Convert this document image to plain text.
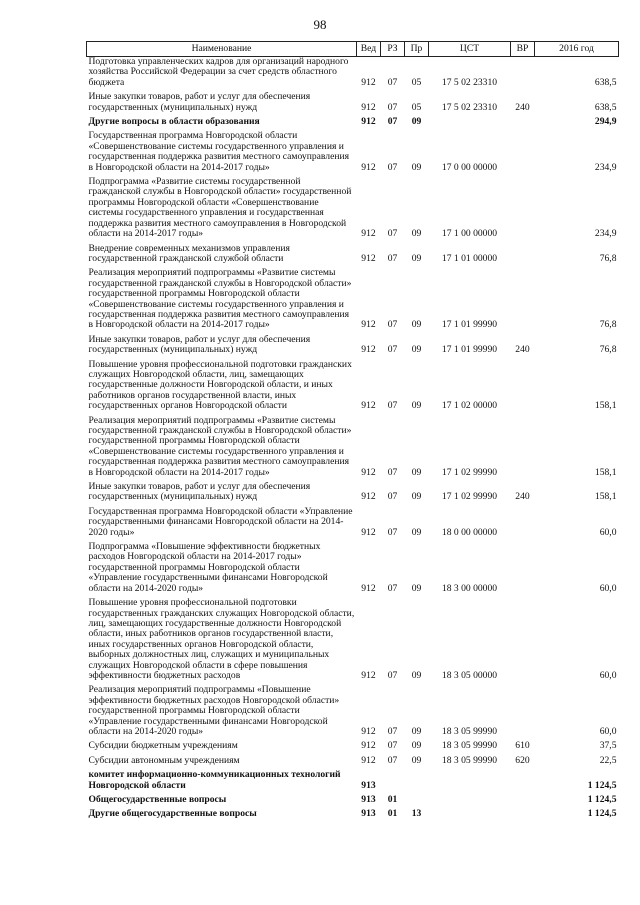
98
Наименование	Вед	РЗ	Пр	ЦСТ	ВР	2016 год
Подготовка управленческих кадров для организаций народного хозяйства Российской Федерации за счет средств областного бюджета	912	07	05	17 5 02 23310		638,5
Иные закупки товаров, работ и услуг для обеспечения государственных (муниципальных) нужд	912	07	05	17 5 02 23310	240	638,5
Другие вопросы в области образования	912	07	09			294,9
Государственная программа Новгородской области «Совершенствование системы государственного управления и государственная поддержка развития местного самоуправления в Новгородской области на 2014-2017 годы»	912	07	09	17 0 00 00000		234,9
Подпрограмма «Развитие системы государственной гражданской службы в Новгородской области» государственной программы Новгородской области «Совершенствование системы государственного управления и государственная поддержка развития местного самоуправления в Новгородской области на 2014-2017 годы»	912	07	09	17 1 00 00000		234,9
Внедрение современных механизмов управления государственной гражданской службой области	912	07	09	17 1 01 00000		76,8
Реализация мероприятий подпрограммы «Развитие системы государственной гражданской службы в Новгородской области» государственной программы Новгородской области «Совершенствование системы государственного управления и государственная поддержка развития местного самоуправления в Новгородской области на 2014-2017 годы»	912	07	09	17 1 01 99990		76,8
Иные закупки товаров, работ и услуг для обеспечения государственных (муниципальных) нужд	912	07	09	17 1 01 99990	240	76,8
Повышение уровня профессиональной подготовки гражданских служащих Новгородской области, лиц, замещающих государственные должности Новгородской области, и иных работников органов государственной власти, иных государственных органов Новгородской области	912	07	09	17 1 02 00000		158,1
Реализация мероприятий подпрограммы «Развитие системы государственной гражданской службы в Новгородской области» государственной программы Новгородской области «Совершенствование системы государственного управления и государственная поддержка развития местного самоуправления в Новгородской области на 2014-2017 годы»	912	07	09	17 1 02 99990		158,1
Иные закупки товаров, работ и услуг для обеспечения государственных (муниципальных) нужд	912	07	09	17 1 02 99990	240	158,1
Государственная программа Новгородской области «Управление государственными финансами Новгородской области на 2014-2020 годы»	912	07	09	18 0 00 00000		60,0
Подпрограмма «Повышение эффективности бюджетных расходов Новгородской области на 2014-2017 годы» государственной программы Новгородской области «Управление государственными финансами Новгородской области на 2014-2020 годы»	912	07	09	18 3 00 00000		60,0
Повышение уровня профессиональной подготовки государственных гражданских служащих Новгородской области, лиц, замещающих государственные должности Новгородской области, иных работников органов государственной власти, иных государственных органов Новгородской области, выборных должностных лиц, служащих и муниципальных служащих Новгородской области в сфере повышения эффективности бюджетных расходов	912	07	09	18 3 05 00000		60,0
Реализация мероприятий подпрограммы «Повышение эффективности бюджетных расходов Новгородской области» государственной программы Новгородской области «Управление государственными финансами Новгородской области на 2014-2020 годы»	912	07	09	18 3 05 99990		60,0
Субсидии бюджетным учреждениям	912	07	09	18 3 05 99990	610	37,5
Субсидии автономным учреждениям	912	07	09	18 3 05 99990	620	22,5
комитет информационно-коммуникационных технологий Новгородской области	913					1 124,5
Общегосударственные вопросы	913	01				1 124,5
Другие общегосударственные вопросы	913	01	13			1 124,5
